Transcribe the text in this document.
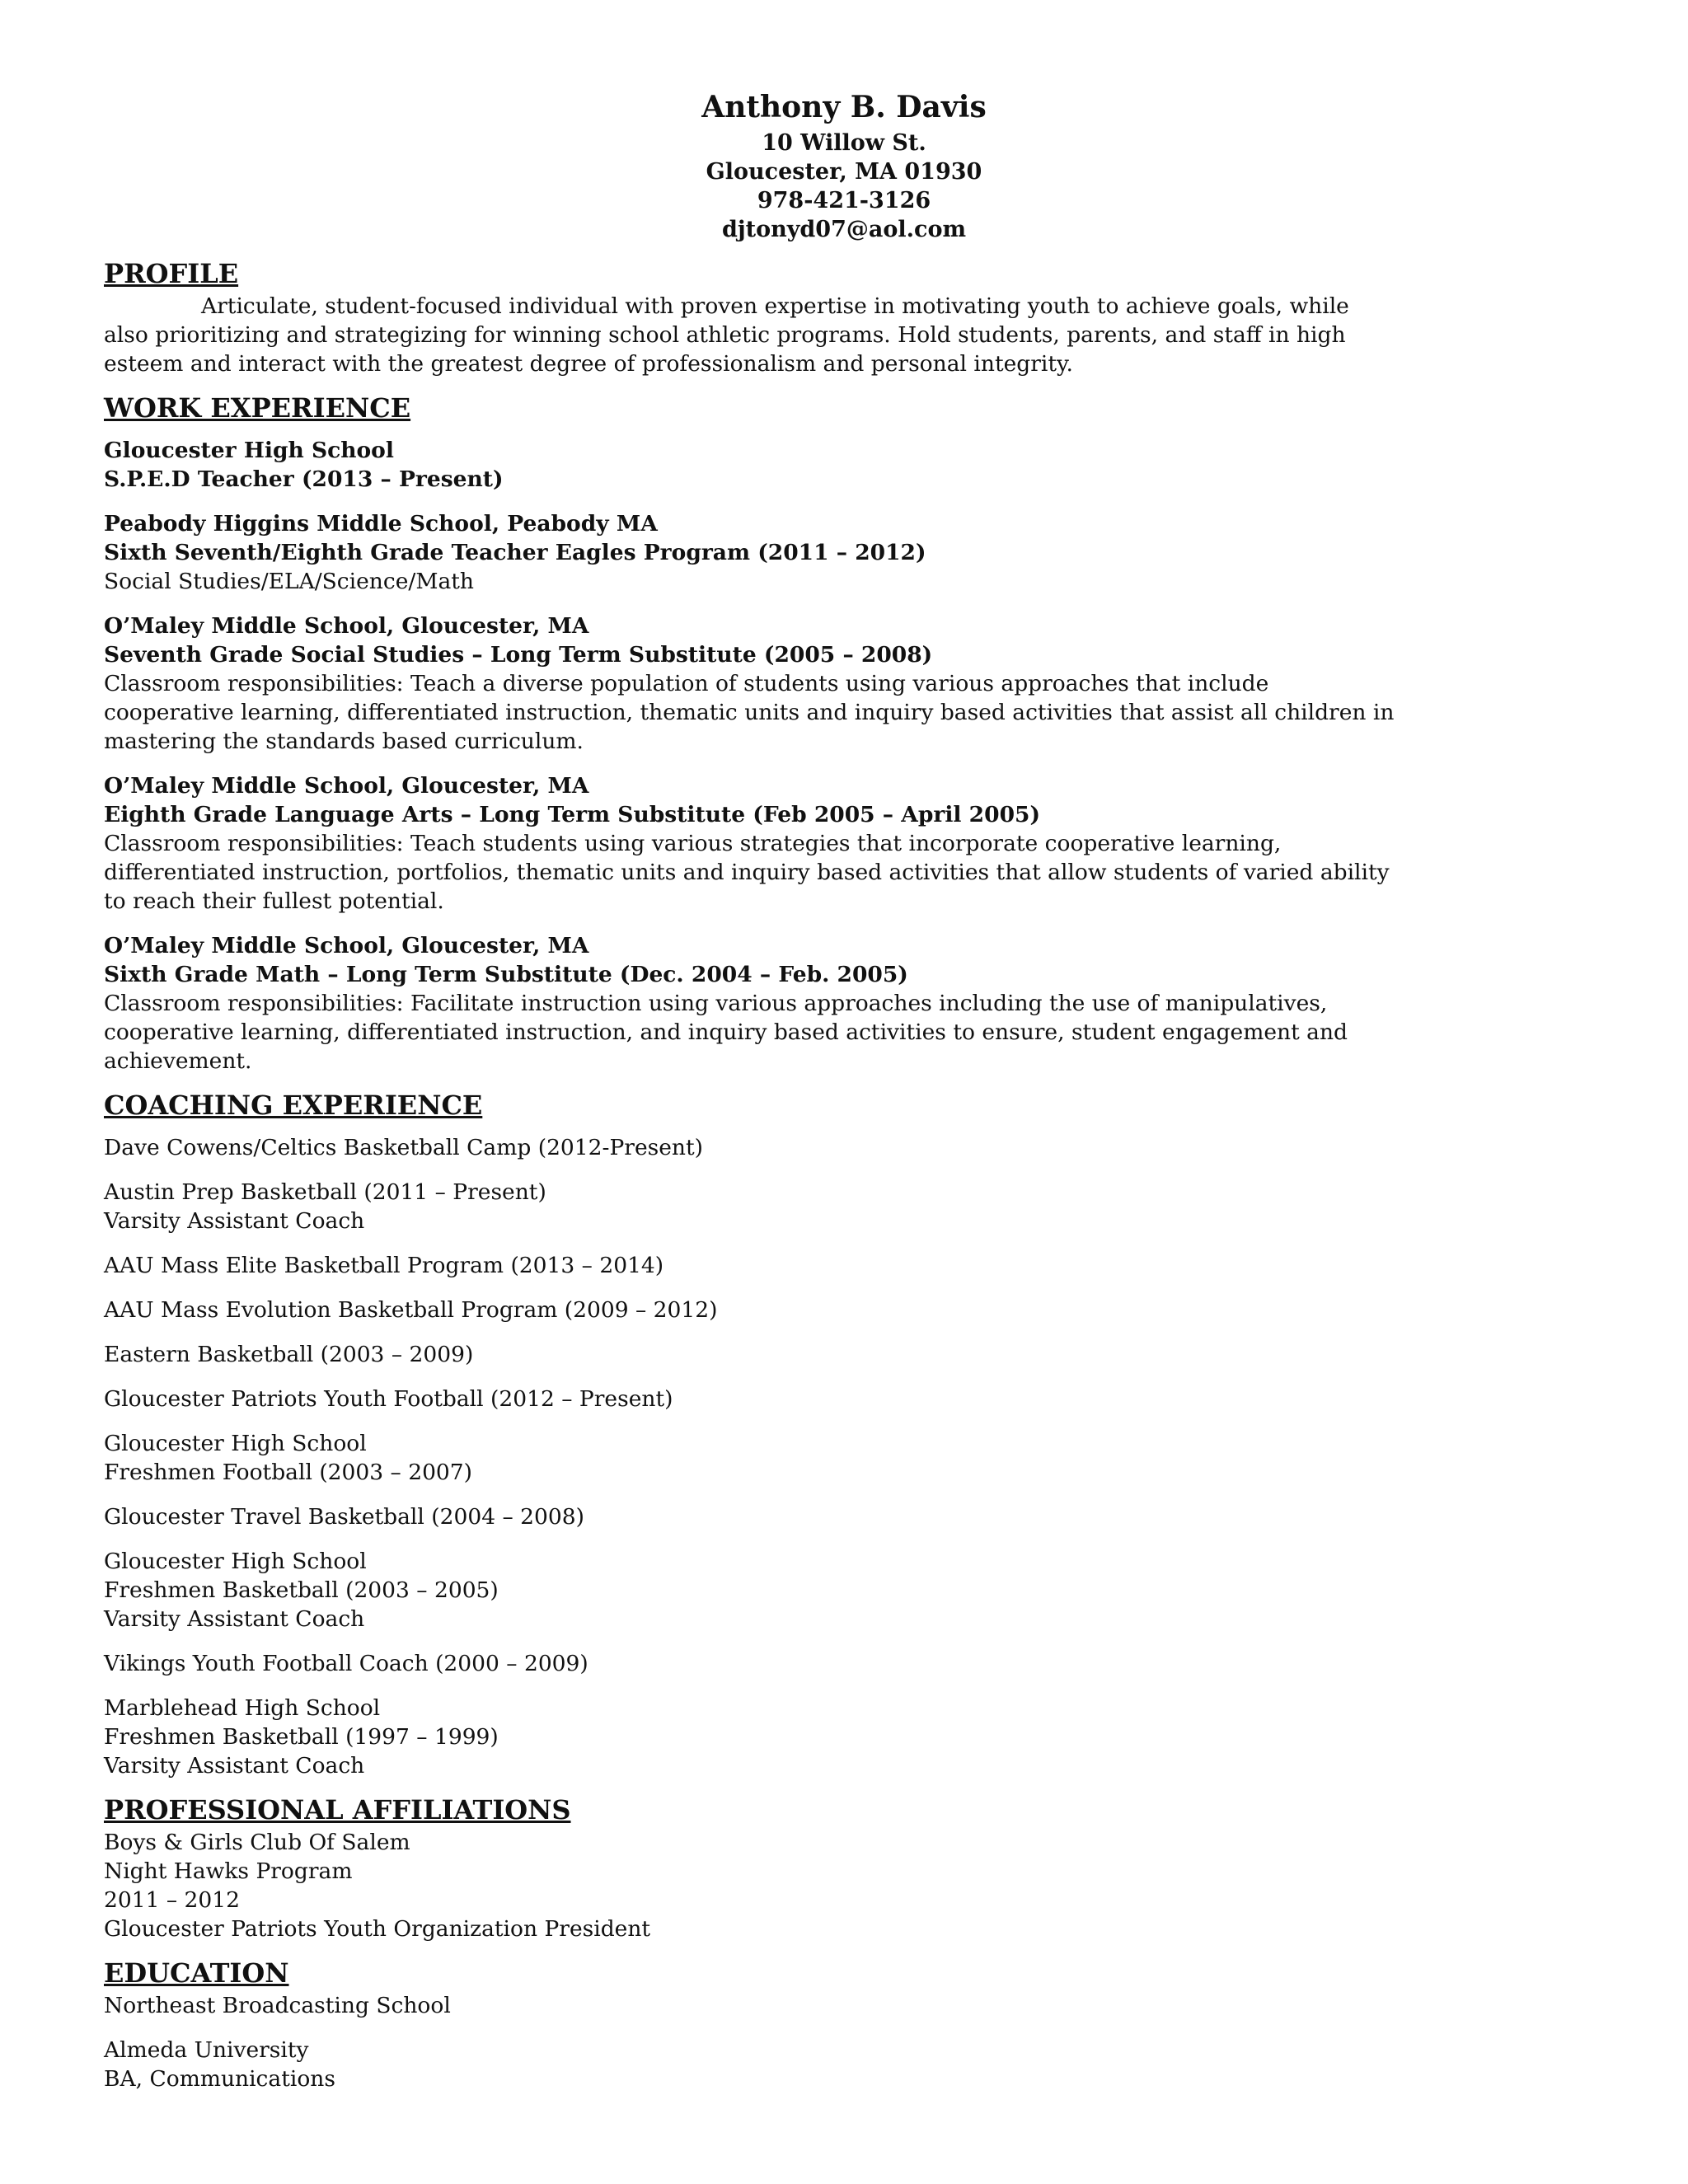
Anthony B. Davis
10 Willow St.
Gloucester, MA 01930
978-421-3126
djtonyd07@aol.com
PROFILE
Articulate, student-focused individual with proven expertise in motivating youth to achieve goals, while also prioritizing and strategizing for winning school athletic programs. Hold students, parents, and staff in high esteem and interact with the greatest degree of professionalism and personal integrity.
WORK EXPERIENCE
Gloucester High School
S.P.E.D Teacher (2013 – Present)
Peabody Higgins Middle School, Peabody MA
Sixth Seventh/Eighth Grade Teacher Eagles Program (2011 – 2012)
Social Studies/ELA/Science/Math
O’Maley Middle School, Gloucester, MA
Seventh Grade Social Studies – Long Term Substitute (2005 – 2008)
Classroom responsibilities: Teach a diverse population of students using various approaches that include cooperative learning, differentiated instruction, thematic units and inquiry based activities that assist all children in mastering the standards based curriculum.
O’Maley Middle School, Gloucester, MA
Eighth Grade Language Arts – Long Term Substitute (Feb 2005 – April 2005)
Classroom responsibilities: Teach students using various strategies that incorporate cooperative learning, differentiated instruction, portfolios, thematic units and inquiry based activities that allow students of varied ability to reach their fullest potential.
O’Maley Middle School, Gloucester, MA
Sixth Grade Math – Long Term Substitute (Dec. 2004 – Feb. 2005)
Classroom responsibilities: Facilitate instruction using various approaches including the use of manipulatives, cooperative learning, differentiated instruction, and inquiry based activities to ensure, student engagement and achievement.
COACHING EXPERIENCE
Dave Cowens/Celtics Basketball Camp (2012-Present)
Austin Prep Basketball (2011 – Present)
Varsity Assistant Coach
AAU Mass Elite Basketball Program (2013 – 2014)
AAU Mass Evolution Basketball Program (2009 – 2012)
Eastern Basketball (2003 – 2009)
Gloucester Patriots Youth Football (2012 – Present)
Gloucester High School
Freshmen Football (2003 – 2007)
Gloucester Travel Basketball (2004 – 2008)
Gloucester High School
Freshmen Basketball (2003 – 2005)
Varsity Assistant Coach
Vikings Youth Football Coach (2000 – 2009)
Marblehead High School
Freshmen Basketball (1997 – 1999)
Varsity Assistant Coach
PROFESSIONAL AFFILIATIONS
Boys & Girls Club Of Salem
Night Hawks Program
2011 – 2012
Gloucester Patriots Youth Organization President
EDUCATION
Northeast Broadcasting School
Almeda University
BA, Communications
